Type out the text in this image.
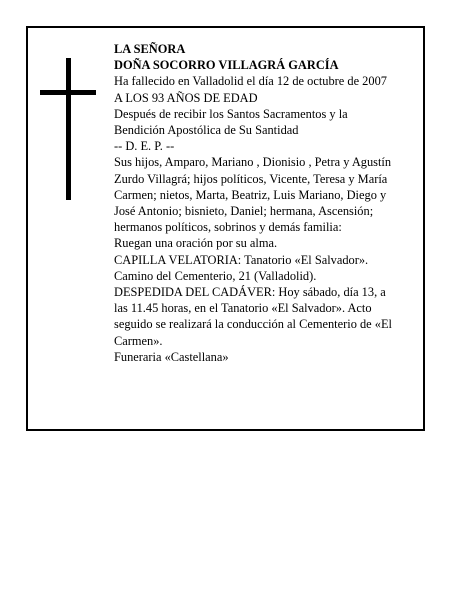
LA SEÑORA

DOÑA SOCORRO VILLAGRÁ GARCÍA

Ha fallecido en Valladolid el día 12 de octubre de 2007

A LOS 93 AÑOS DE EDAD

Después de recibir los Santos Sacramentos y la

Bendición Apostólica de Su Santidad

-- D. E. P. --

Sus hijos, Amparo, Mariano , Dionisio , Petra y Agustín

Zurdo Villagrá; hijos políticos, Vicente, Teresa y María

Carmen; nietos, Marta, Beatriz, Luis Mariano, Diego y

José Antonio; bisnieto, Daniel; hermana, Ascensión;

hermanos políticos, sobrinos y demás familia:

Ruegan una oración por su alma.

CAPILLA VELATORIA: Tanatorio «El Salvador».

Camino del Cementerio, 21 (Valladolid).

DESPEDIDA DEL CADÁVER: Hoy sábado, día 13, a

las 11.45 horas, en el Tanatorio «El Salvador». Acto

seguido se realizará la conducción al Cementerio de «El

Carmen».

Funeraria «Castellana»
